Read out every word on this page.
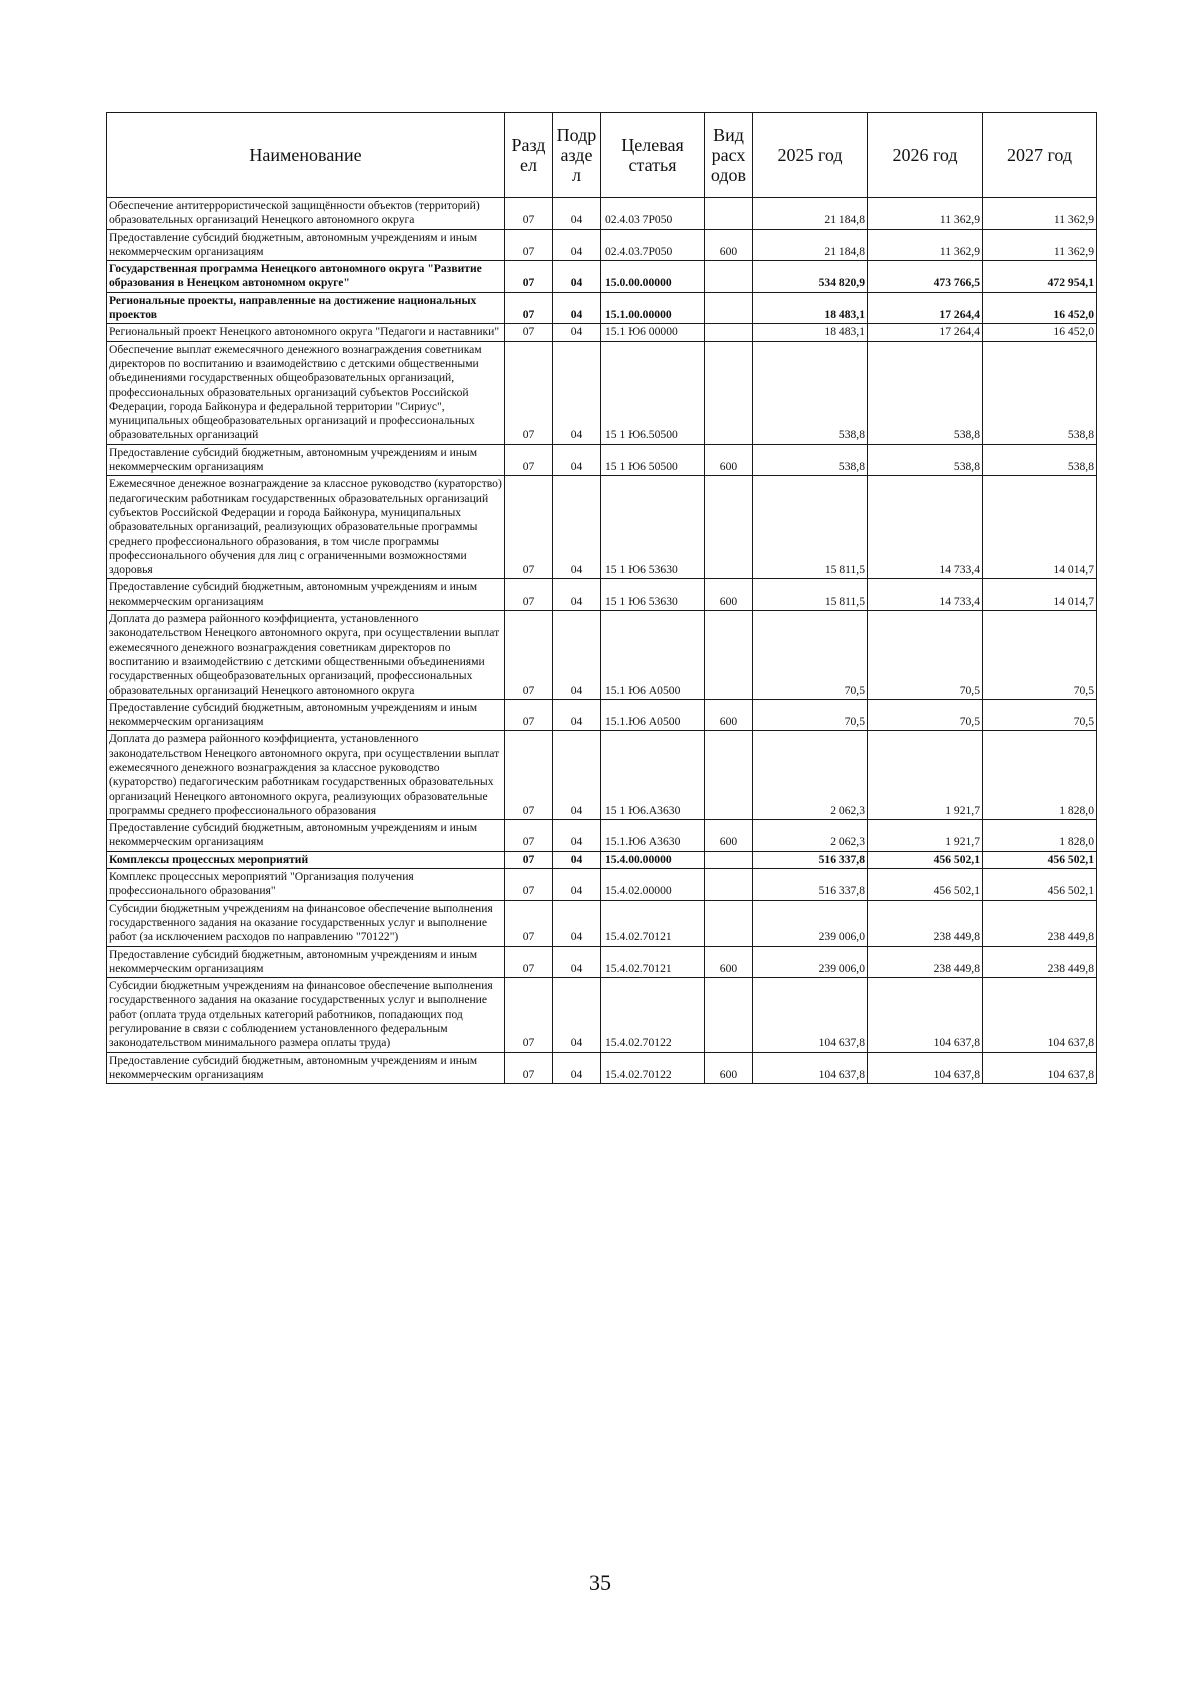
Наименование	Разд ел	Подр азде л	Целевая статья	Вид расх одов	2025 год	2026 год	2027 год
Обеспечение антитеррористической защищённости объектов (территорий) образовательных организаций Ненецкого автономного округа	07	04	02.4.03 7Р050		21 184,8	11 362,9	11 362,9
Предоставление субсидий бюджетным, автономным учреждениям и иным некоммерческим организациям	07	04	02.4.03.7Р050	600	21 184,8	11 362,9	11 362,9
Государственная программа Ненецкого автономного округа "Развитие образования в Ненецком автономном округе"	07	04	15.0.00.00000		534 820,9	473 766,5	472 954,1
Региональные проекты, направленные на достижение национальных проектов	07	04	15.1.00.00000		18 483,1	17 264,4	16 452,0
Региональный проект Ненецкого автономного округа "Педагоги и наставники"	07	04	15.1 Ю6 00000		18 483,1	17 264,4	16 452,0
Обеспечение выплат ежемесячного денежного вознаграждения советникам директоров по воспитанию и взаимодействию с детскими общественными объединениями государственных общеобразовательных организаций, профессиональных образовательных организаций субъектов Российской Федерации, города Байконура и федеральной территории "Сириус", муниципальных общеобразовательных организаций и профессиональных образовательных организаций	07	04	15 1 Ю6.50500		538,8	538,8	538,8
Предоставление субсидий бюджетным, автономным учреждениям и иным некоммерческим организациям	07	04	15 1 Ю6 50500	600	538,8	538,8	538,8
Ежемесячное денежное вознаграждение за классное руководство (кураторство) педагогическим работникам государственных образовательных организаций субъектов Российской Федерации и города Байконура, муниципальных образовательных организаций, реализующих образовательные программы среднего профессионального образования, в том числе программы профессионального обучения для лиц с ограниченными возможностями здоровья	07	04	15 1 Ю6 53630		15 811,5	14 733,4	14 014,7
Предоставление субсидий бюджетным, автономным учреждениям и иным некоммерческим организациям	07	04	15 1 Ю6 53630	600	15 811,5	14 733,4	14 014,7
Доплата до размера районного коэффициента, установленного законодательством Ненецкого автономного округа, при осуществлении выплат ежемесячного денежного вознаграждения советникам директоров по воспитанию и взаимодействию с детскими общественными объединениями государственных общеобразовательных организаций, профессиональных образовательных организаций Ненецкого автономного округа	07	04	15.1 Ю6 А0500		70,5	70,5	70,5
Предоставление субсидий бюджетным, автономным учреждениям и иным некоммерческим организациям	07	04	15.1.Ю6 А0500	600	70,5	70,5	70,5
Доплата до размера районного коэффициента, установленного законодательством Ненецкого автономного округа, при осуществлении выплат ежемесячного денежного вознаграждения за классное руководство (кураторство) педагогическим работникам государственных образовательных организаций Ненецкого автономного округа, реализующих образовательные программы среднего профессионального образования	07	04	15 1 Ю6.А3630		2 062,3	1 921,7	1 828,0
Предоставление субсидий бюджетным, автономным учреждениям и иным некоммерческим организациям	07	04	15.1.Ю6 А3630	600	2 062,3	1 921,7	1 828,0
Комплексы процессных мероприятий	07	04	15.4.00.00000		516 337,8	456 502,1	456 502,1
Комплекс процессных мероприятий "Организация получения профессионального образования"	07	04	15.4.02.00000		516 337,8	456 502,1	456 502,1
Субсидии бюджетным учреждениям на финансовое обеспечение выполнения государственного задания на оказание государственных услуг и выполнение работ (за исключением расходов по направлению "70122")	07	04	15.4.02.70121		239 006,0	238 449,8	238 449,8
Предоставление субсидий бюджетным, автономным учреждениям и иным некоммерческим организациям	07	04	15.4.02.70121	600	239 006,0	238 449,8	238 449,8
Субсидии бюджетным учреждениям на финансовое обеспечение выполнения государственного задания на оказание государственных услуг и выполнение работ (оплата труда отдельных категорий работников, попадающих под регулирование в связи с соблюдением установленного федеральным законодательством минимального размера оплаты труда)	07	04	15.4.02.70122		104 637,8	104 637,8	104 637,8
Предоставление субсидий бюджетным, автономным учреждениям и иным некоммерческим организациям	07	04	15.4.02.70122	600	104 637,8	104 637,8	104 637,8
35
